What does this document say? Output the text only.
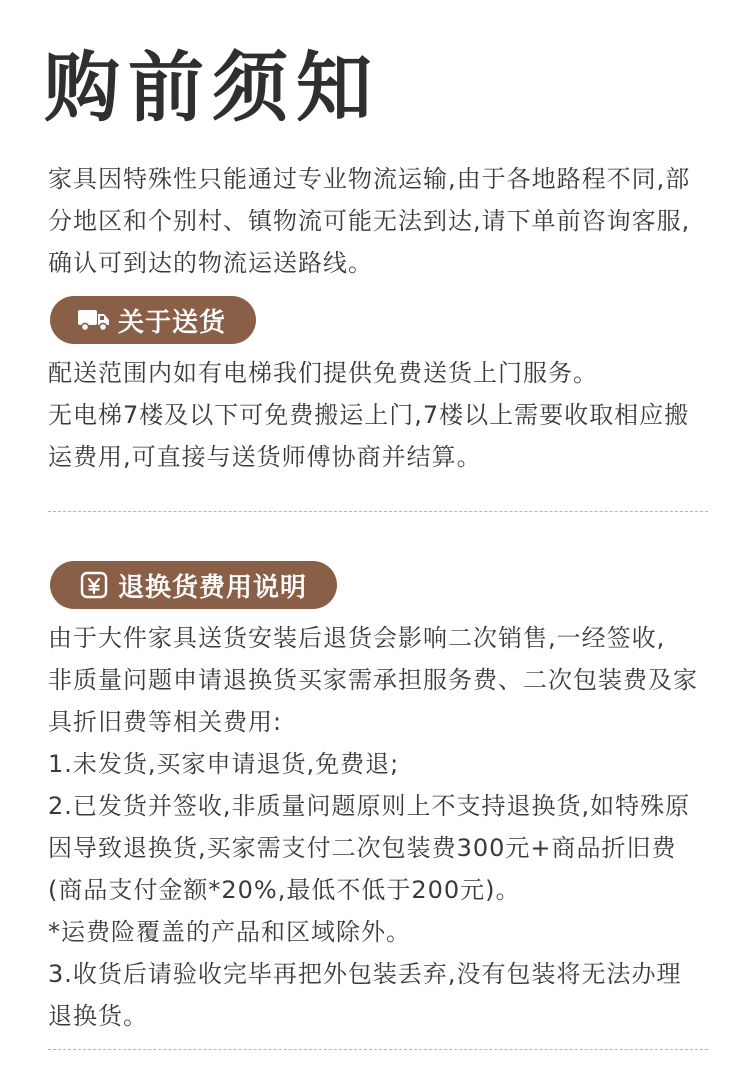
购前须知

家具因特殊性只能通过专业物流运输,由于各地路程不同,部
分地区和个别村、镇物流可能无法到达,请下单前咨询客服,
确认可到达的物流运送路线。

关于送货

配送范围内如有电梯我们提供免费送货上门服务。
无电梯7楼及以下可免费搬运上门,7楼以上需要收取相应搬
运费用,可直接与送货师傅协商并结算。

退换货费用说明

由于大件家具送货安装后退货会影响二次销售,一经签收,
非质量问题申请退换货买家需承担服务费、二次包装费及家
具折旧费等相关费用:
1.未发货,买家申请退货,免费退;
2.已发货并签收,非质量问题原则上不支持退换货,如特殊原
因导致退换货,买家需支付二次包装费300元+商品折旧费
(商品支付金额*20%,最低不低于200元)。
*运费险覆盖的产品和区域除外。
3.收货后请验收完毕再把外包装丢弃,没有包装将无法办理
退换货。
